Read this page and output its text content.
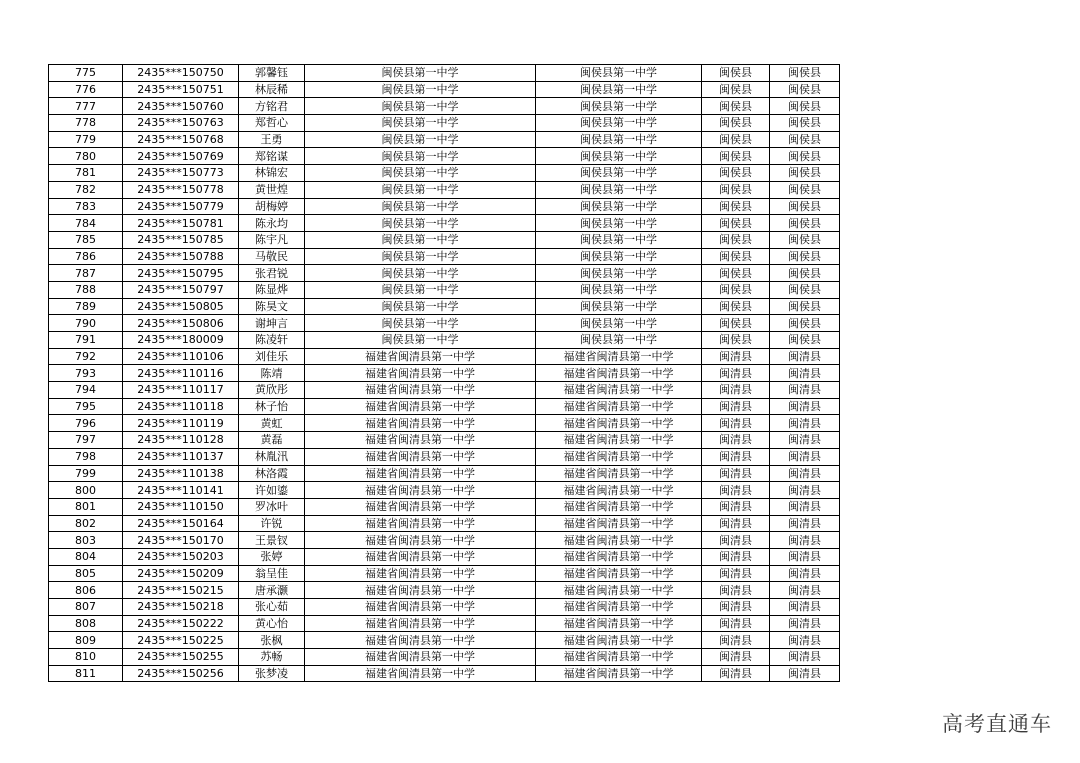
775	2435***150750	郭馨钰	闽侯县第一中学	闽侯县第一中学	闽侯县	闽侯县
776	2435***150751	林辰稀	闽侯县第一中学	闽侯县第一中学	闽侯县	闽侯县
777	2435***150760	方铭君	闽侯县第一中学	闽侯县第一中学	闽侯县	闽侯县
778	2435***150763	郑哲心	闽侯县第一中学	闽侯县第一中学	闽侯县	闽侯县
779	2435***150768	王勇	闽侯县第一中学	闽侯县第一中学	闽侯县	闽侯县
780	2435***150769	郑铭谋	闽侯县第一中学	闽侯县第一中学	闽侯县	闽侯县
781	2435***150773	林锦宏	闽侯县第一中学	闽侯县第一中学	闽侯县	闽侯县
782	2435***150778	黄世煌	闽侯县第一中学	闽侯县第一中学	闽侯县	闽侯县
783	2435***150779	胡梅婷	闽侯县第一中学	闽侯县第一中学	闽侯县	闽侯县
784	2435***150781	陈永均	闽侯县第一中学	闽侯县第一中学	闽侯县	闽侯县
785	2435***150785	陈宇凡	闽侯县第一中学	闽侯县第一中学	闽侯县	闽侯县
786	2435***150788	马敬民	闽侯县第一中学	闽侯县第一中学	闽侯县	闽侯县
787	2435***150795	张君锐	闽侯县第一中学	闽侯县第一中学	闽侯县	闽侯县
788	2435***150797	陈显烨	闽侯县第一中学	闽侯县第一中学	闽侯县	闽侯县
789	2435***150805	陈昊文	闽侯县第一中学	闽侯县第一中学	闽侯县	闽侯县
790	2435***150806	谢坤言	闽侯县第一中学	闽侯县第一中学	闽侯县	闽侯县
791	2435***180009	陈凌轩	闽侯县第一中学	闽侯县第一中学	闽侯县	闽侯县
792	2435***110106	刘佳乐	福建省闽清县第一中学	福建省闽清县第一中学	闽清县	闽清县
793	2435***110116	陈靖	福建省闽清县第一中学	福建省闽清县第一中学	闽清县	闽清县
794	2435***110117	黄欣彤	福建省闽清县第一中学	福建省闽清县第一中学	闽清县	闽清县
795	2435***110118	林子怡	福建省闽清县第一中学	福建省闽清县第一中学	闽清县	闽清县
796	2435***110119	黄虹	福建省闽清县第一中学	福建省闽清县第一中学	闽清县	闽清县
797	2435***110128	黄磊	福建省闽清县第一中学	福建省闽清县第一中学	闽清县	闽清县
798	2435***110137	林胤汛	福建省闽清县第一中学	福建省闽清县第一中学	闽清县	闽清县
799	2435***110138	林洛霞	福建省闽清县第一中学	福建省闽清县第一中学	闽清县	闽清县
800	2435***110141	许如鎏	福建省闽清县第一中学	福建省闽清县第一中学	闽清县	闽清县
801	2435***110150	罗冰叶	福建省闽清县第一中学	福建省闽清县第一中学	闽清县	闽清县
802	2435***150164	许锐	福建省闽清县第一中学	福建省闽清县第一中学	闽清县	闽清县
803	2435***150170	王景钗	福建省闽清县第一中学	福建省闽清县第一中学	闽清县	闽清县
804	2435***150203	张婷	福建省闽清县第一中学	福建省闽清县第一中学	闽清县	闽清县
805	2435***150209	翁呈佳	福建省闽清县第一中学	福建省闽清县第一中学	闽清县	闽清县
806	2435***150215	唐承灏	福建省闽清县第一中学	福建省闽清县第一中学	闽清县	闽清县
807	2435***150218	张心茹	福建省闽清县第一中学	福建省闽清县第一中学	闽清县	闽清县
808	2435***150222	黄心怡	福建省闽清县第一中学	福建省闽清县第一中学	闽清县	闽清县
809	2435***150225	张枫	福建省闽清县第一中学	福建省闽清县第一中学	闽清县	闽清县
810	2435***150255	苏畅	福建省闽清县第一中学	福建省闽清县第一中学	闽清县	闽清县
811	2435***150256	张梦凌	福建省闽清县第一中学	福建省闽清县第一中学	闽清县	闽清县
高考直通车
